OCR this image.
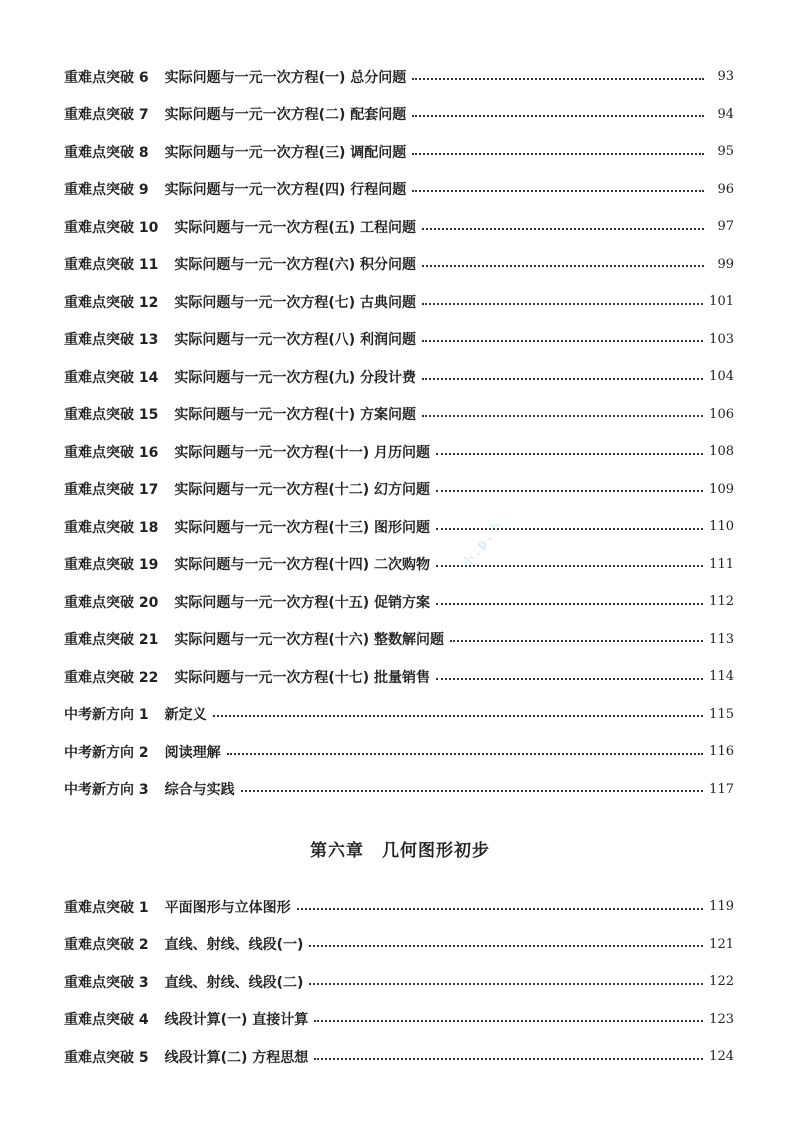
重难点突破 6 实际问题与一元一次方程(一) 总分问题	93
重难点突破 7 实际问题与一元一次方程(二) 配套问题	94
重难点突破 8 实际问题与一元一次方程(三) 调配问题	95
重难点突破 9 实际问题与一元一次方程(四) 行程问题	96
重难点突破 10 实际问题与一元一次方程(五) 工程问题	97
重难点突破 11 实际问题与一元一次方程(六) 积分问题	99
重难点突破 12 实际问题与一元一次方程(七) 古典问题	101
重难点突破 13 实际问题与一元一次方程(八) 利润问题	103
重难点突破 14 实际问题与一元一次方程(九) 分段计费	104
重难点突破 15 实际问题与一元一次方程(十) 方案问题	106
重难点突破 16 实际问题与一元一次方程(十一) 月历问题	108
重难点突破 17 实际问题与一元一次方程(十二) 幻方问题	109
重难点突破 18 实际问题与一元一次方程(十三) 图形问题	110
重难点突破 19 实际问题与一元一次方程(十四) 二次购物	111
重难点突破 20 实际问题与一元一次方程(十五) 促销方案	112
重难点突破 21 实际问题与一元一次方程(十六) 整数解问题	113
重难点突破 22 实际问题与一元一次方程(十七) 批量销售	114
中考新方向 1 新定义	115
中考新方向 2 阅读理解	116
中考新方向 3 综合与实践	117
第六章 几何图形初步
重难点突破 1 平面图形与立体图形	119
重难点突破 2 直线、射线、线段(一)	121
重难点突破 3 直线、射线、线段(二)	122
重难点突破 4 线段计算(一) 直接计算	123
重难点突破 5 线段计算(二) 方程思想	124
小.p.小
